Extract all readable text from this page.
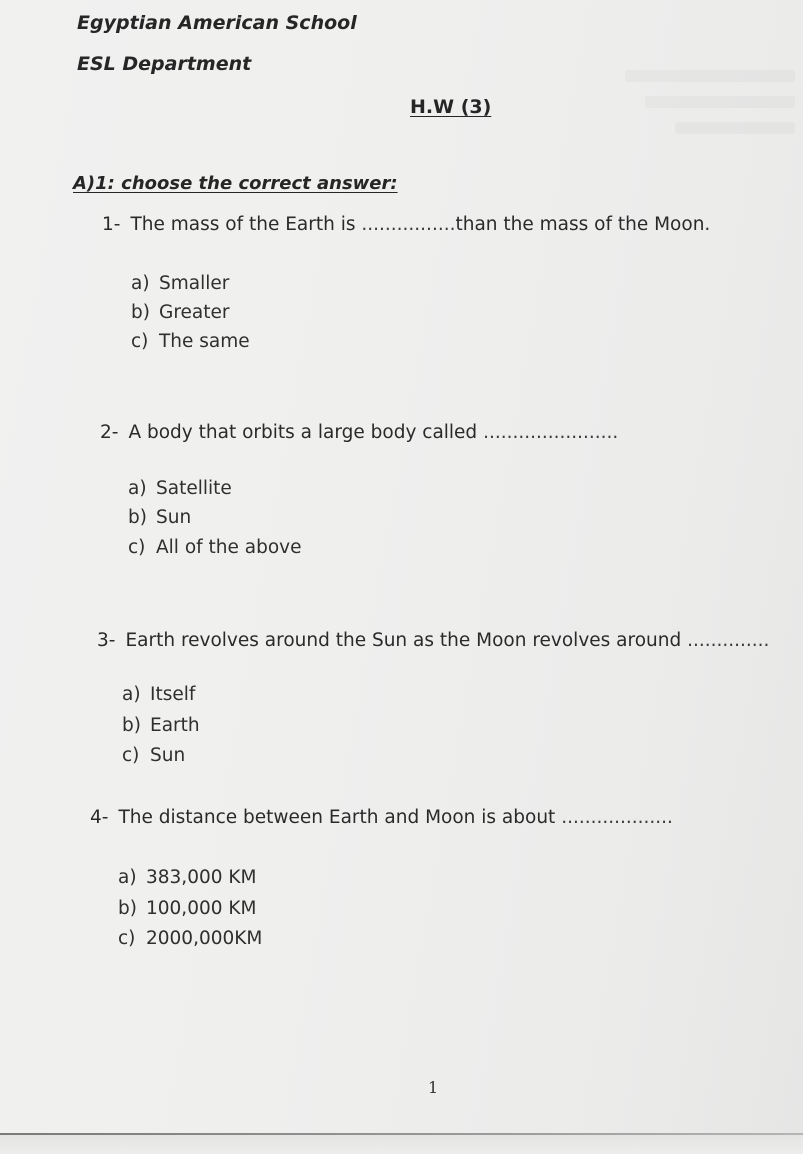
Egyptian American School
ESL Department
H.W (3)
A)1: choose the correct answer:
1- The mass of the Earth is ................than the mass of the Moon.
a) Smaller
b) Greater
c) The same
2- A body that orbits a large body called .......................
a) Satellite
b) Sun
c) All of the above
3- Earth revolves around the Sun as the Moon revolves around ..............
a) Itself
b) Earth
c) Sun
4- The distance between Earth and Moon is about ...................
a) 383,000 KM
b) 100,000 KM
c) 2000,000KM
1
